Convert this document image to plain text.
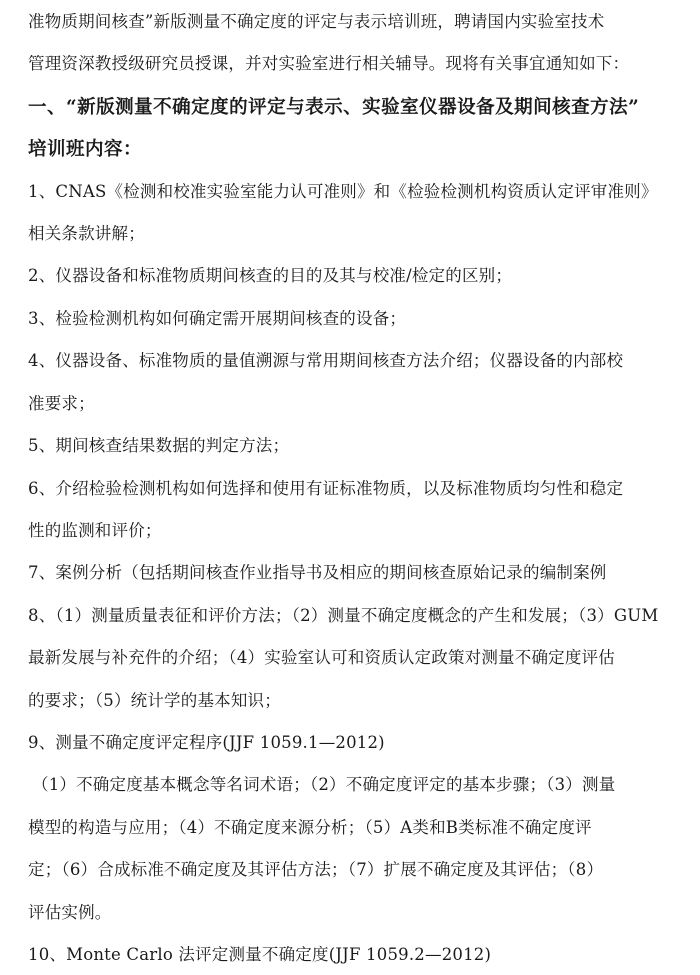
准物质期间核查”新版测量不确定度的评定与表示培训班，聘请国内实验室技术
管理资深教授级研究员授课，并对实验室进行相关辅导。现将有关事宜通知如下：
一、“新版测量不确定度的评定与表示、实验室仪器设备及期间核查方法”
培训班内容：
1、CNAS《检测和校准实验室能力认可准则》和《检验检测机构资质认定评审准则》
相关条款讲解；
2、仪器设备和标准物质期间核查的目的及其与校准/检定的区别；
3、检验检测机构如何确定需开展期间核查的设备；
4、仪器设备、标准物质的量值溯源与常用期间核查方法介绍；仪器设备的内部校
准要求；
5、期间核查结果数据的判定方法；
6、介绍检验检测机构如何选择和使用有证标准物质，以及标准物质均匀性和稳定
性的监测和评价；
7、案例分析（包括期间核查作业指导书及相应的期间核查原始记录的编制案例
8、（1）测量质量表征和评价方法；（2）测量不确定度概念的产生和发展；（3）GUM
最新发展与补充件的介绍；（4）实验室认可和资质认定政策对测量不确定度评估
的要求；（5）统计学的基本知识；
9、测量不确定度评定程序(JJF 1059.1—2012)
（1）不确定度基本概念等名词术语；（2）不确定度评定的基本步骤；（3）测量
模型的构造与应用；（4）不确定度来源分析；（5）A类和B类标准不确定度评
定；（6）合成标准不确定度及其评估方法；（7）扩展不确定度及其评估；（8）
评估实例。
10、Monte Carlo 法评定测量不确定度(JJF 1059.2—2012)
